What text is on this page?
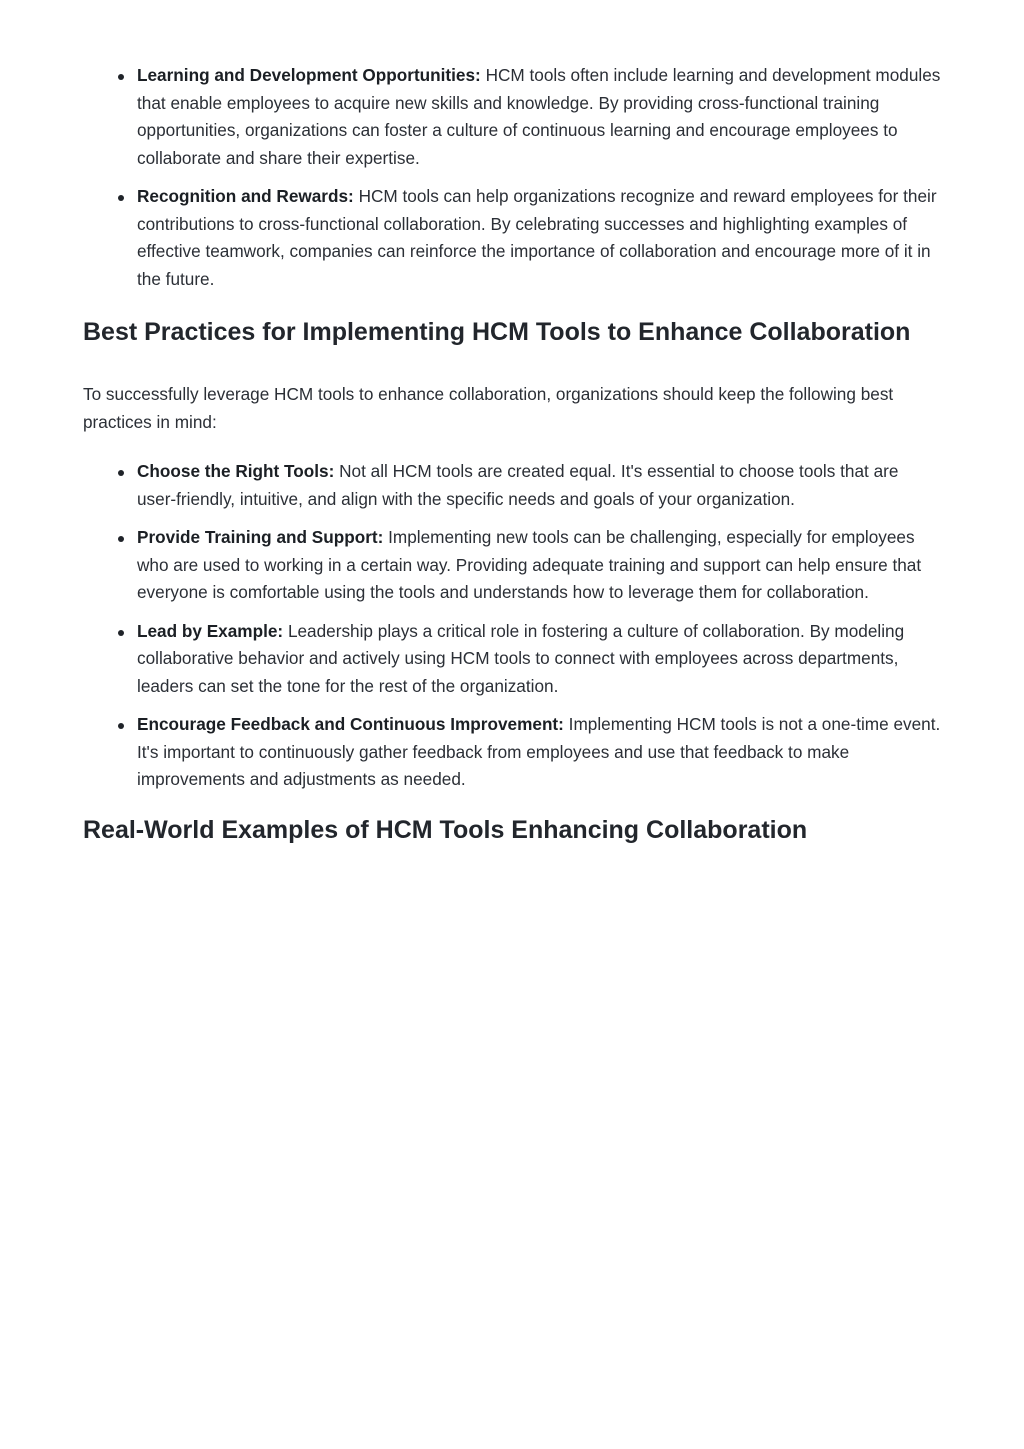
Learning and Development Opportunities: HCM tools often include learning and development modules that enable employees to acquire new skills and knowledge. By providing cross-functional training opportunities, organizations can foster a culture of continuous learning and encourage employees to collaborate and share their expertise.
Recognition and Rewards: HCM tools can help organizations recognize and reward employees for their contributions to cross-functional collaboration. By celebrating successes and highlighting examples of effective teamwork, companies can reinforce the importance of collaboration and encourage more of it in the future.
Best Practices for Implementing HCM Tools to Enhance Collaboration

To successfully leverage HCM tools to enhance collaboration, organizations should keep the following best practices in mind:

Choose the Right Tools: Not all HCM tools are created equal. It's essential to choose tools that are user-friendly, intuitive, and align with the specific needs and goals of your organization.
Provide Training and Support: Implementing new tools can be challenging, especially for employees who are used to working in a certain way. Providing adequate training and support can help ensure that everyone is comfortable using the tools and understands how to leverage them for collaboration.
Lead by Example: Leadership plays a critical role in fostering a culture of collaboration. By modeling collaborative behavior and actively using HCM tools to connect with employees across departments, leaders can set the tone for the rest of the organization.
Encourage Feedback and Continuous Improvement: Implementing HCM tools is not a one-time event. It's important to continuously gather feedback from employees and use that feedback to make improvements and adjustments as needed.
Real-World Examples of HCM Tools Enhancing Collaboration
